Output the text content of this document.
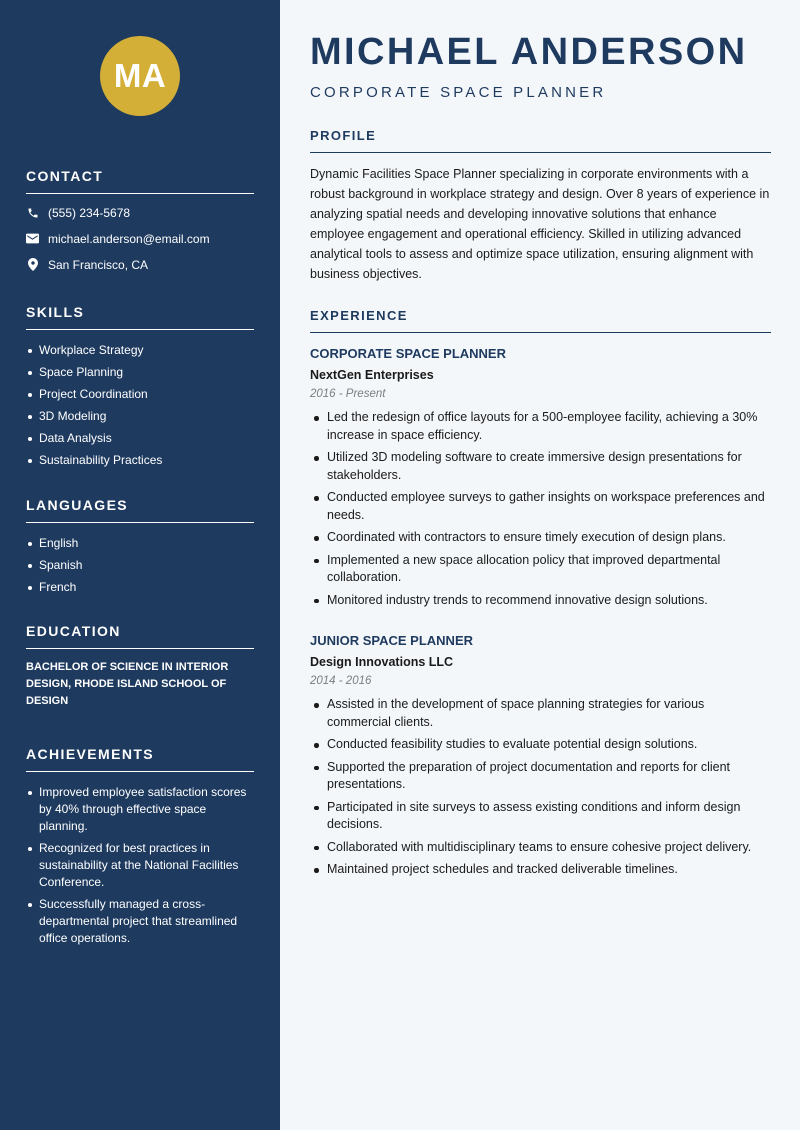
MA
CONTACT
(555) 234-5678
michael.anderson@email.com
San Francisco, CA
SKILLS
Workplace Strategy
Space Planning
Project Coordination
3D Modeling
Data Analysis
Sustainability Practices
LANGUAGES
English
Spanish
French
EDUCATION

BACHELOR OF SCIENCE IN INTERIOR DESIGN, RHODE ISLAND SCHOOL OF DESIGN

ACHIEVEMENTS
Improved employee satisfaction scores by 40% through effective space planning.
Recognized for best practices in sustainability at the National Facilities Conference.
Successfully managed a cross-departmental project that streamlined office operations.
MICHAEL ANDERSON
CORPORATE SPACE PLANNER
PROFILE

Dynamic Facilities Space Planner specializing in corporate environments with a robust background in workplace strategy and design. Over 8 years of experience in analyzing spatial needs and developing innovative solutions that enhance employee engagement and operational efficiency. Skilled in utilizing advanced analytical tools to assess and optimize space utilization, ensuring alignment with business objectives.

EXPERIENCE
CORPORATE SPACE PLANNER
NextGen Enterprises
2016 - Present
Led the redesign of office layouts for a 500-employee facility, achieving a 30% increase in space efficiency.
Utilized 3D modeling software to create immersive design presentations for stakeholders.
Conducted employee surveys to gather insights on workspace preferences and needs.
Coordinated with contractors to ensure timely execution of design plans.
Implemented a new space allocation policy that improved departmental collaboration.
Monitored industry trends to recommend innovative design solutions.
JUNIOR SPACE PLANNER
Design Innovations LLC
2014 - 2016
Assisted in the development of space planning strategies for various commercial clients.
Conducted feasibility studies to evaluate potential design solutions.
Supported the preparation of project documentation and reports for client presentations.
Participated in site surveys to assess existing conditions and inform design decisions.
Collaborated with multidisciplinary teams to ensure cohesive project delivery.
Maintained project schedules and tracked deliverable timelines.
